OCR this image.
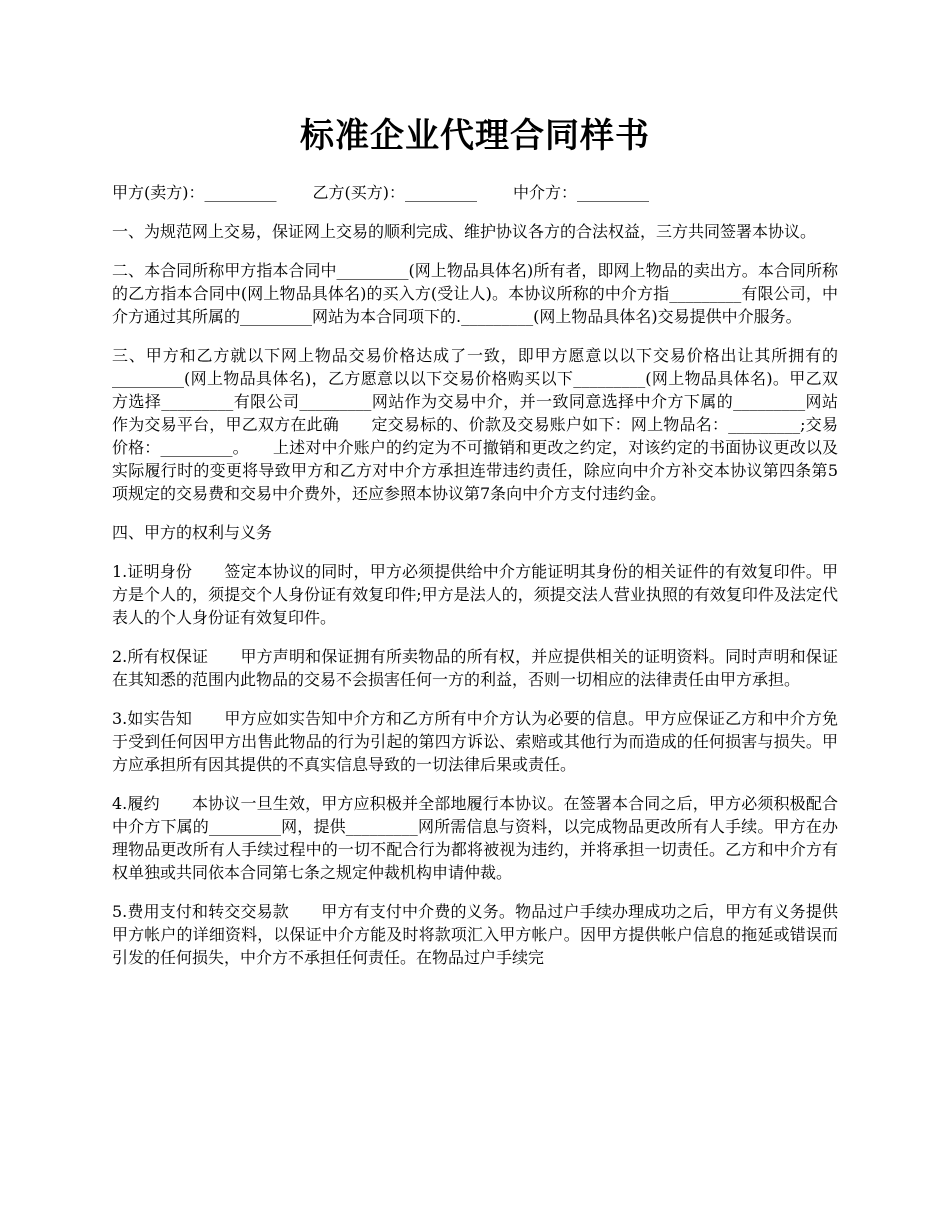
标准企业代理合同样书
甲方(卖方)：_________ 乙方(买方)：_________ 中介方：_________

一、为规范网上交易，保证网上交易的顺利完成、维护协议各方的合法权益，三方共同签署本协议。

二、本合同所称甲方指本合同中_________(网上物品具体名)所有者，即网上物品的卖出方。本合同所称的乙方指本合同中(网上物品具体名)的买入方(受让人)。本协议所称的中介方指_________有限公司，中介方通过其所属的_________网站为本合同项下的._________(网上物品具体名)交易提供中介服务。

三、甲方和乙方就以下网上物品交易价格达成了一致，即甲方愿意以以下交易价格出让其所拥有的_________(网上物品具体名)，乙方愿意以以下交易价格购买以下_________(网上物品具体名)。甲乙双方选择_________有限公司_________网站作为交易中介，并一致同意选择中介方下属的_________网站作为交易平台，甲乙双方在此确　　定交易标的、价款及交易账户如下：网上物品名：_________;交易价格：_________。　　上述对中介账户的约定为不可撤销和更改之约定，对该约定的书面协议更改以及实际履行时的变更将导致甲方和乙方对中介方承担连带违约责任，除应向中介方补交本协议第四条第5项规定的交易费和交易中介费外，还应参照本协议第7条向中介方支付违约金。

四、甲方的权利与义务

1.证明身份　　签定本协议的同时，甲方必须提供给中介方能证明其身份的相关证件的有效复印件。甲方是个人的，须提交个人身份证有效复印件;甲方是法人的，须提交法人营业执照的有效复印件及法定代表人的个人身份证有效复印件。

2.所有权保证　　甲方声明和保证拥有所卖物品的所有权，并应提供相关的证明资料。同时声明和保证在其知悉的范围内此物品的交易不会损害任何一方的利益，否则一切相应的法律责任由甲方承担。

3.如实告知　　甲方应如实告知中介方和乙方所有中介方认为必要的信息。甲方应保证乙方和中介方免于受到任何因甲方出售此物品的行为引起的第四方诉讼、索赔或其他行为而造成的任何损害与损失。甲方应承担所有因其提供的不真实信息导致的一切法律后果或责任。

4.履约　　本协议一旦生效，甲方应积极并全部地履行本协议。在签署本合同之后，甲方必须积极配合中介方下属的_________网，提供_________网所需信息与资料，以完成物品更改所有人手续。甲方在办理物品更改所有人手续过程中的一切不配合行为都将被视为违约，并将承担一切责任。乙方和中介方有权单独或共同依本合同第七条之规定仲裁机构申请仲裁。

5.费用支付和转交交易款　　甲方有支付中介费的义务。物品过户手续办理成功之后，甲方有义务提供甲方帐户的详细资料，以保证中介方能及时将款项汇入甲方帐户。因甲方提供帐户信息的拖延或错误而引发的任何损失，中介方不承担任何责任。在物品过户手续完
